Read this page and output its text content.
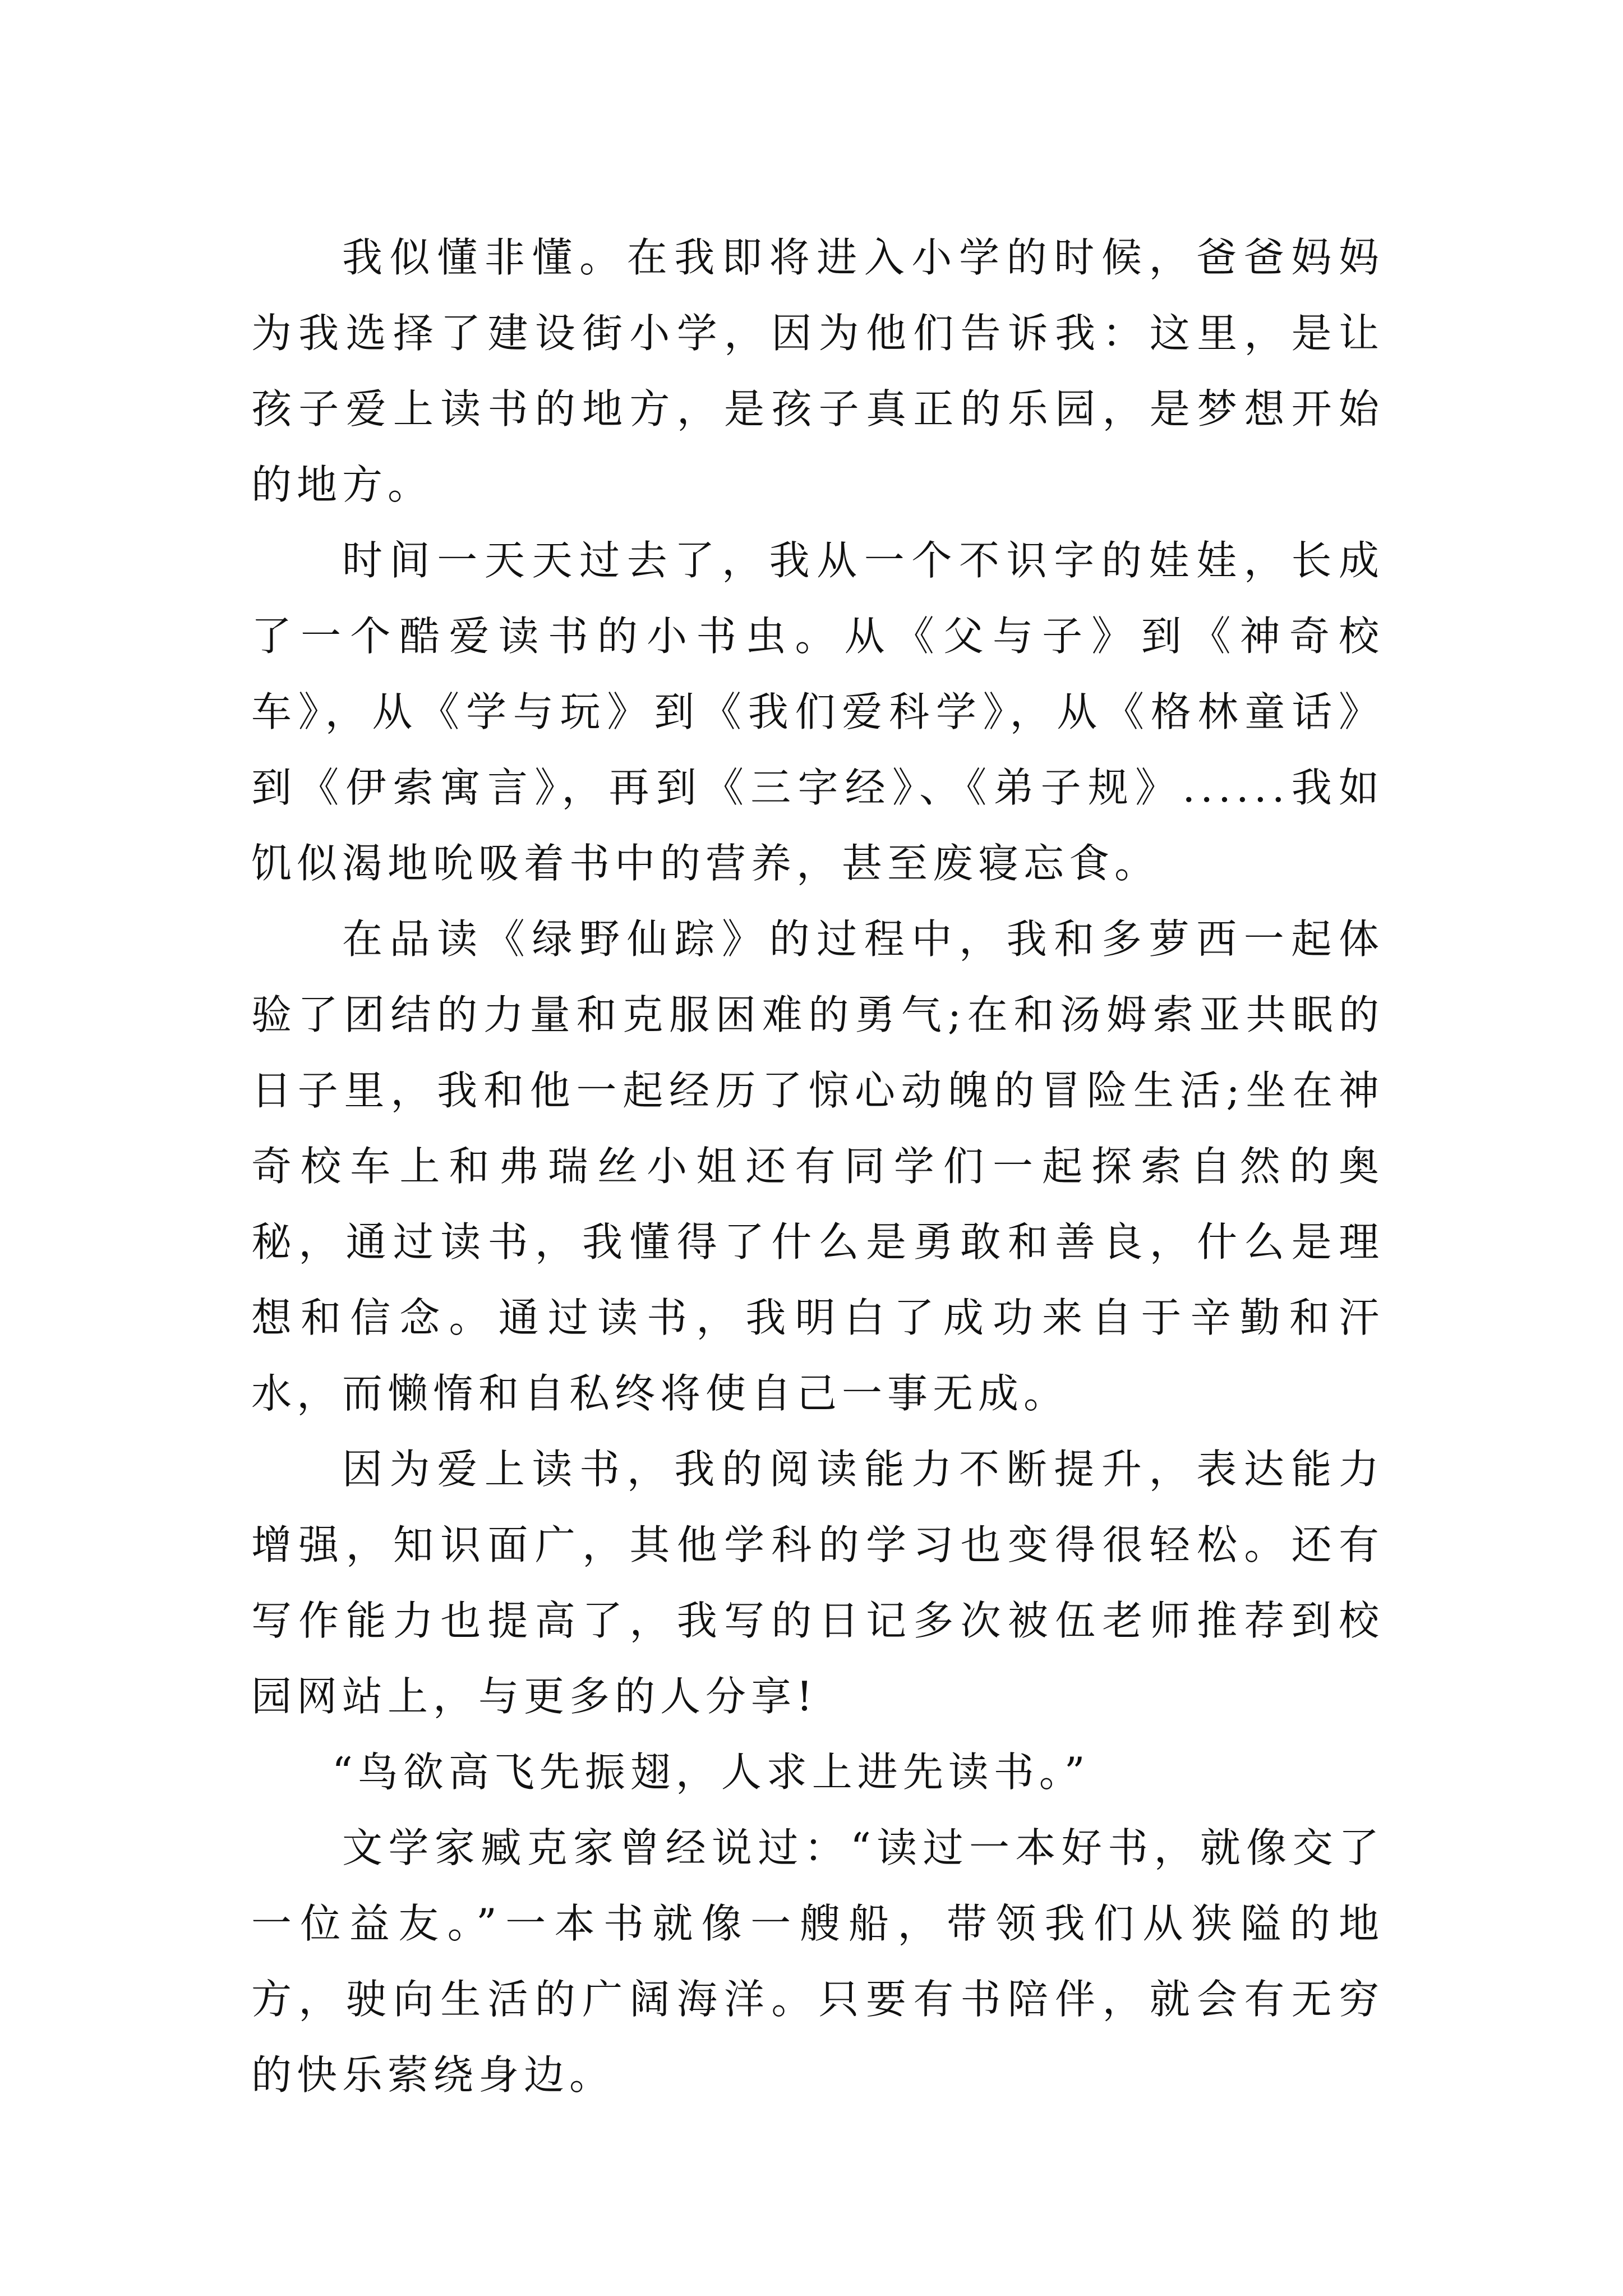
我似懂非懂。在我即将进入小学的时候，爸爸妈妈为我选择了建设街小学，因为他们告诉我：这里，是让孩子爱上读书的地方，是孩子真正的乐园，是梦想开始的地方。

时间一天天过去了，我从一个不识字的娃娃，长成了一个酷爱读书的小书虫。从《父与子》到《神奇校车》，从《学与玩》到《我们爱科学》，从《格林童话》到《伊索寓言》，再到《三字经》、《弟子规》......我如饥似渴地吮吸着书中的营养，甚至废寝忘食。

在品读《绿野仙踪》的过程中，我和多萝西一起体验了团结的力量和克服困难的勇气;在和汤姆索亚共眠的日子里，我和他一起经历了惊心动魄的冒险生活;坐在神奇校车上和弗瑞丝小姐还有同学们一起探索自然的奥秘，通过读书，我懂得了什么是勇敢和善良，什么是理想和信念。通过读书，我明白了成功来自于辛勤和汗水，而懒惰和自私终将使自己一事无成。

因为爱上读书，我的阅读能力不断提升，表达能力增强，知识面广，其他学科的学习也变得很轻松。还有写作能力也提高了，我写的日记多次被伍老师推荐到校园网站上，与更多的人分享!

“鸟欲高飞先振翅，人求上进先读书。”

文学家臧克家曾经说过：“读过一本好书，就像交了一位益友。”一本书就像一艘船，带领我们从狭隘的地方，驶向生活的广阔海洋。只要有书陪伴，就会有无穷的快乐萦绕身边。
